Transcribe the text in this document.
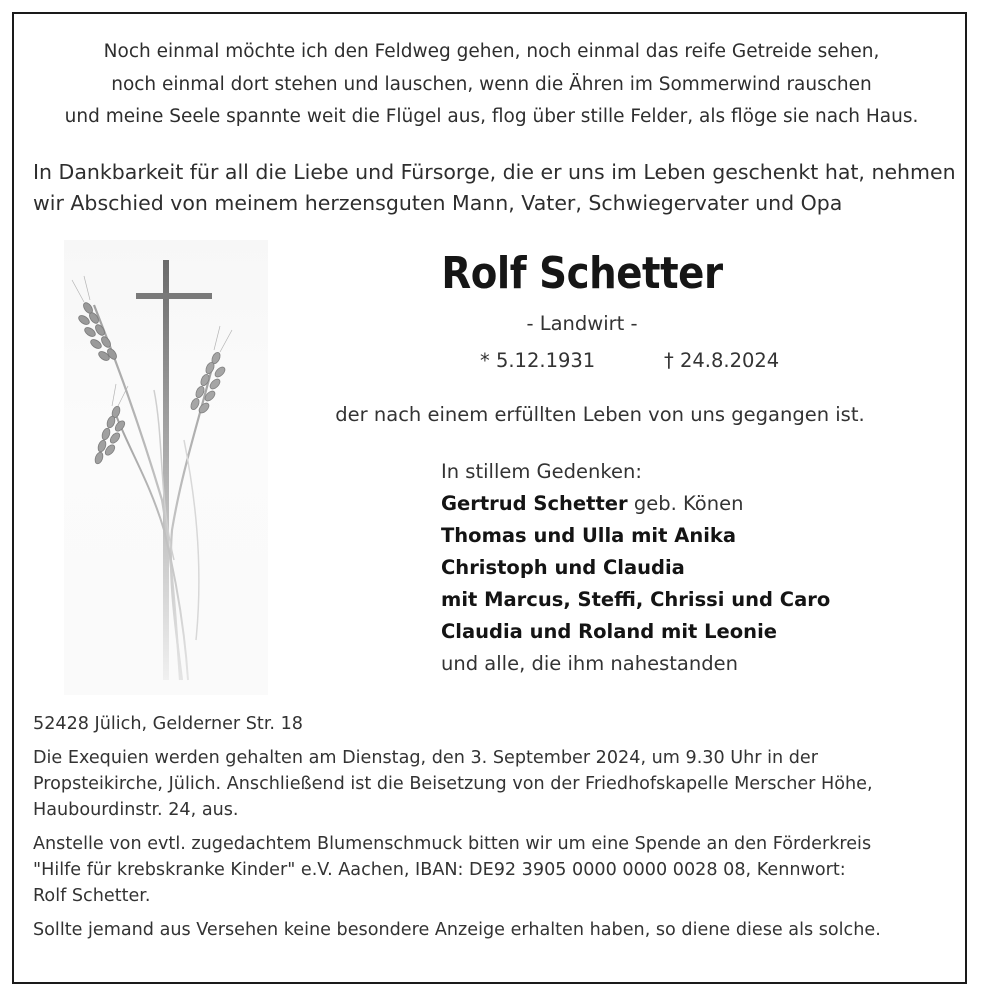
Noch einmal möchte ich den Feldweg gehen, noch einmal das reife Getreide sehen,
noch einmal dort stehen und lauschen, wenn die Ähren im Sommerwind rauschen
und meine Seele spannte weit die Flügel aus, flog über stille Felder, als flöge sie nach Haus.
In Dankbarkeit für all die Liebe und Fürsorge, die er uns im Leben geschenkt hat, nehmen
wir Abschied von meinem herzensguten Mann, Vater, Schwiegervater und Opa
Rolf Schetter
- Landwirt -
* 5.12.1931	† 24.8.2024
der nach einem erfüllten Leben von uns gegangen ist.
In stillem Gedenken:
Gertrud Schetter geb. Könen
Thomas und Ulla mit Anika
Christoph und Claudia
mit Marcus, Steffi, Chrissi und Caro
Claudia und Roland mit Leonie
und alle, die ihm nahestanden

52428 Jülich, Gelderner Str. 18

Die Exequien werden gehalten am Dienstag, den 3. September 2024, um 9.30 Uhr in der
Propsteikirche, Jülich. Anschließend ist die Beisetzung von der Friedhofskapelle Merscher Höhe,
Haubourdinstr. 24, aus.

Anstelle von evtl. zugedachtem Blumenschmuck bitten wir um eine Spende an den Förderkreis
"Hilfe für krebskranke Kinder" e.V. Aachen, IBAN: DE92 3905 0000 0000 0028 08, Kennwort:
Rolf Schetter.

Sollte jemand aus Versehen keine besondere Anzeige erhalten haben, so diene diese als solche.
